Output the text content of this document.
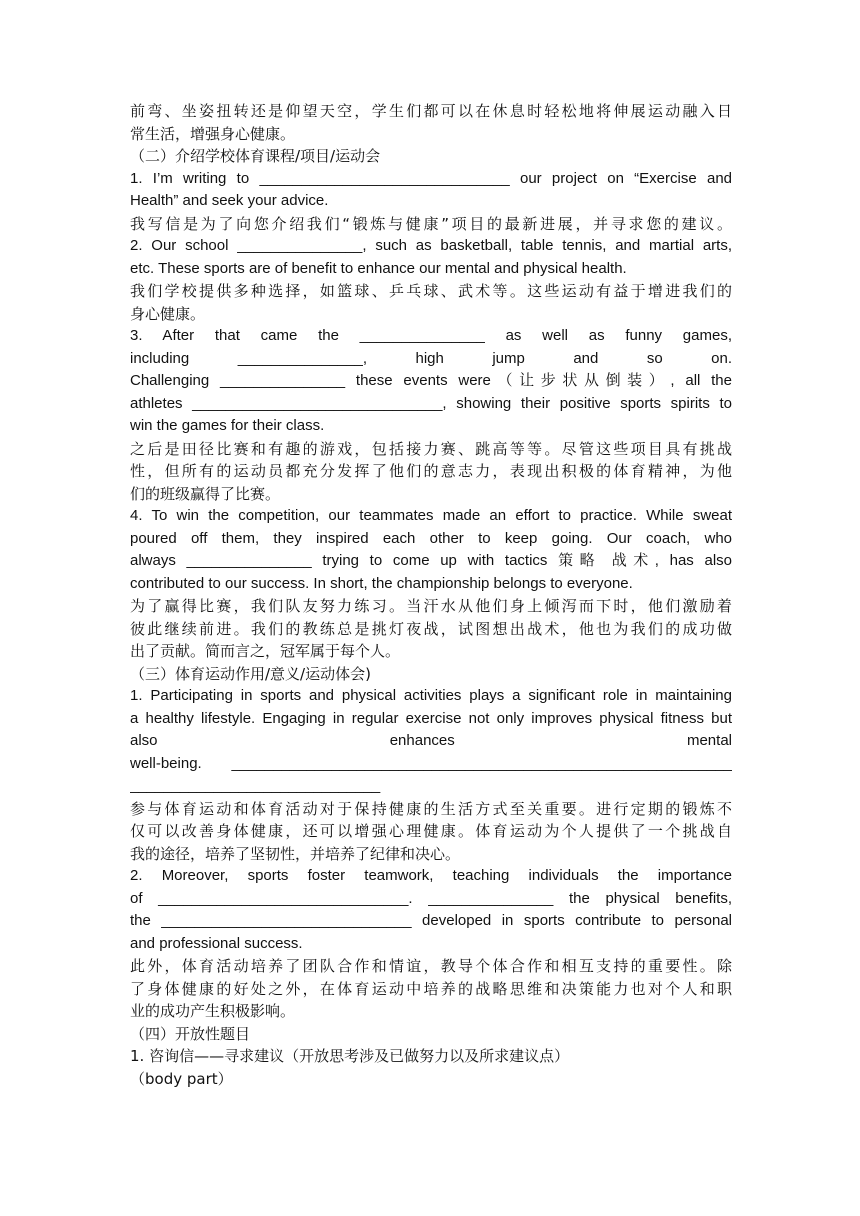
前弯、坐姿扭转还是仰望天空，学生们都可以在休息时轻松地将伸展运动融入日
常生活，增强身心健康。
（二）介绍学校体育课程/项目/运动会
1. I’m writing to ______________________________ our project on “Exercise and
Health” and seek your advice.
我写信是为了向您介绍我们“锻炼与健康”项目的最新进展，并寻求您的建议。
2. Our school _______________, such as basketball, table tennis, and martial arts,
etc. These sports are of benefit to enhance our mental and physical health.
我们学校提供多种选择，如篮球、乒乓球、武术等。这些运动有益于增进我们的
身心健康。
3. After that came the _______________ as well as funny games,
including _______________, high jump and so on.
Challenging _______________ these events were（让步状从倒装）, all the
athletes ______________________________, showing their positive sports spirits to
win the games for their class.
之后是田径比赛和有趣的游戏，包括接力赛、跳高等等。尽管这些项目具有挑战
性，但所有的运动员都充分发挥了他们的意志力，表现出积极的体育精神，为他
们的班级赢得了比赛。
4. To win the competition, our teammates made an effort to practice. While sweat
poured off them, they inspired each other to keep going. Our coach, who
always _______________ trying to come up with tactics 策略 战术, has also
contributed to our success. In short, the championship belongs to everyone.
为了赢得比赛，我们队友努力练习。当汗水从他们身上倾泻而下时，他们激励着
彼此继续前进。我们的教练总是挑灯夜战，试图想出战术，他也为我们的成功做
出了贡献。简而言之，冠军属于每个人。
（三）体育运动作用/意义/运动体会)
1. Participating in sports and physical activities plays a significant role in maintaining
a healthy lifestyle. Engaging in regular exercise not only improves physical fitness but
also enhances mental
well-being. ____________________________________________________________
______________________________
参与体育运动和体育活动对于保持健康的生活方式至关重要。进行定期的锻炼不
仅可以改善身体健康，还可以增强心理健康。体育运动为个人提供了一个挑战自
我的途径，培养了坚韧性，并培养了纪律和决心。
2. Moreover, sports foster teamwork, teaching individuals the importance
of ______________________________. _______________ the physical benefits,
the ______________________________ developed in sports contribute to personal
and professional success.
此外，体育活动培养了团队合作和情谊，教导个体合作和相互支持的重要性。除
了身体健康的好处之外，在体育运动中培养的战略思维和决策能力也对个人和职
业的成功产生积极影响。
（四）开放性题目
1. 咨询信——寻求建议（开放思考涉及已做努力以及所求建议点）
（body part）
